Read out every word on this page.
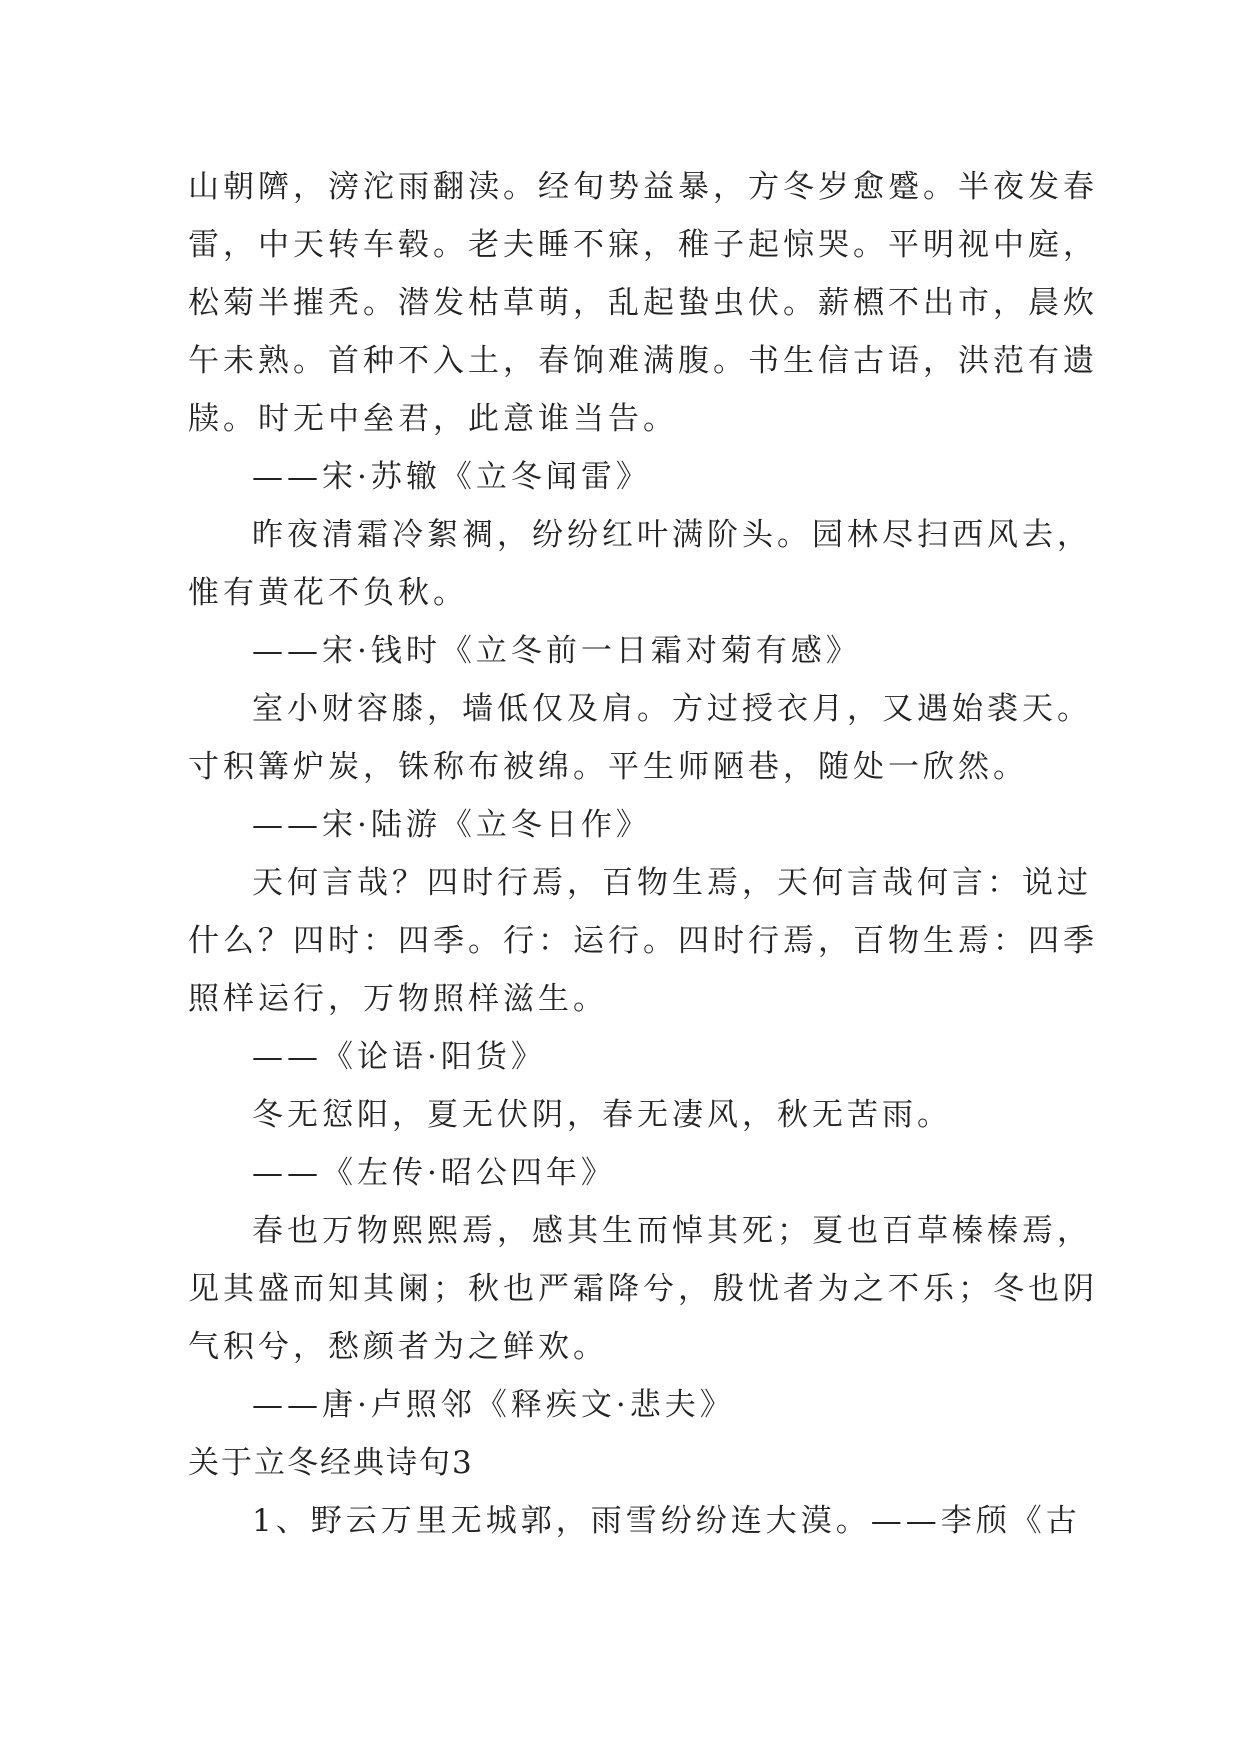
山朝隮，滂沱雨翻渎。经旬势益暴，方冬岁愈蹙。半夜发春
雷，中天转车毂。老夫睡不寐，稚子起惊哭。平明视中庭，
松菊半摧秃。潜发枯草萌，乱起蛰虫伏。薪槱不出市，晨炊
午未熟。首种不入土，春饷难满腹。书生信古语，洪范有遗
牍。时无中垒君，此意谁当告。
——宋·苏辙《立冬闻雷》
昨夜清霜冷絮裯，纷纷红叶满阶头。园林尽扫西风去，
惟有黄花不负秋。
——宋·钱时《立冬前一日霜对菊有感》
室小财容膝，墙低仅及肩。方过授衣月，又遇始裘天。
寸积篝炉炭，铢称布被绵。平生师陋巷，随处一欣然。
——宋·陆游《立冬日作》
天何言哉？四时行焉，百物生焉，天何言哉何言：说过
什么？四时：四季。行：运行。四时行焉，百物生焉：四季
照样运行，万物照样滋生。
——《论语·阳货》
冬无愆阳，夏无伏阴，春无凄风，秋无苦雨。
——《左传·昭公四年》
春也万物熙熙焉，感其生而悼其死；夏也百草榛榛焉，
见其盛而知其阑；秋也严霜降兮，殷忧者为之不乐；冬也阴
气积兮，愁颜者为之鲜欢。
——唐·卢照邻《释疾文·悲夫》
关于立冬经典诗句3
1、野云万里无城郭，雨雪纷纷连大漠。——李颀《古
